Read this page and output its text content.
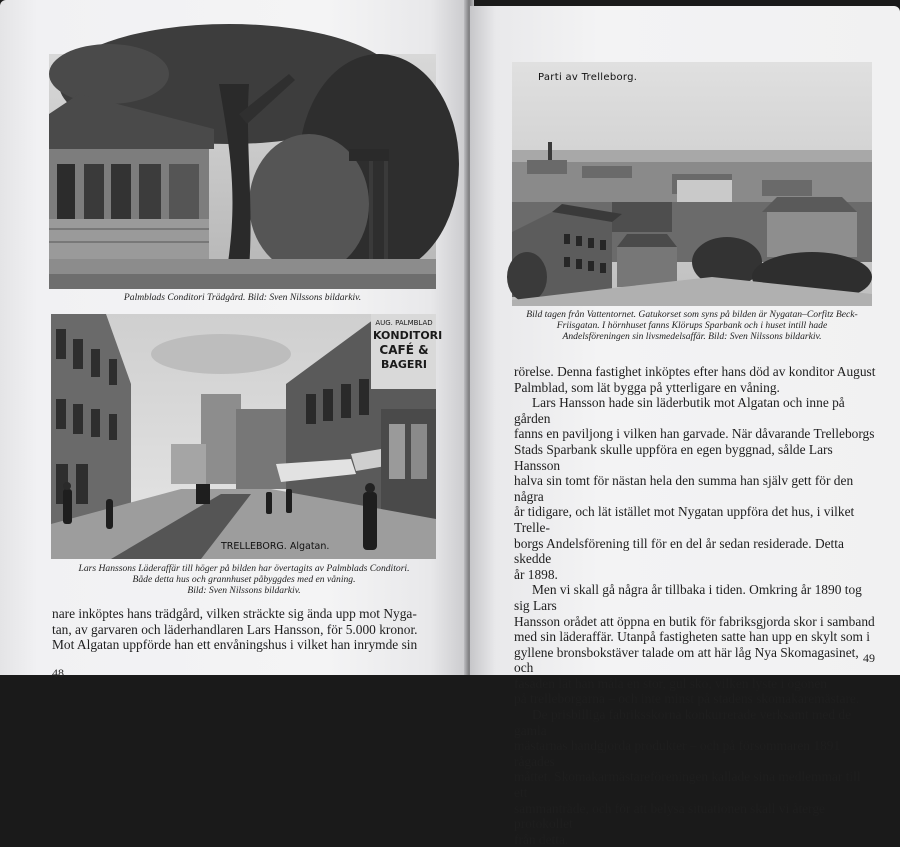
Palmblads Conditori Trädgård. Bild: Sven Nilssons bildarkiv.
AUG. PALMBLAD
KONDITORI
CAFÉ &
BAGERI
TRELLEBORG. Algatan.
Lars Hanssons Läderaffär till höger på bilden har övertagits av Palmblads Conditori.
Både detta hus och grannhuset påbyggdes med en våning.
Bild: Sven Nilssons bildarkiv.

nare inköptes hans trädgård, vilken sträckte sig ända upp mot Nyga-

tan, av garvaren och läderhandlaren Lars Hansson, för 5.000 kronor.

Mot Algatan uppförde han ett envåningshus i vilket han inrymde sin

48
Parti av Trelleborg.
Bild tagen från Vattentornet. Gatukorset som syns på bilden är Nygatan–Corfitz Beck-
Friisgatan. I hörnhuset fanns Klörups Sparbank och i huset intill hade
Andelsföreningen sin livsmedelsaffär. Bild: Sven Nilssons bildarkiv.

rörelse. Denna fastighet inköptes efter hans död av konditor August

Palmblad, som lät bygga på ytterligare en våning.

Lars Hansson hade sin läderbutik mot Algatan och inne på gården

fanns en paviljong i vilken han garvade. När dåvarande Trelleborgs

Stads Sparbank skulle uppföra en egen byggnad, sålde Lars Hansson

halva sin tomt för nästan hela den summa han själv gett för den några

år tidigare, och lät istället mot Nygatan uppföra det hus, i vilket Trelle-

borgs Andelsförening till för en del år sedan residerade. Detta skedde

år 1898.

Men vi skall gå några år tillbaka i tiden. Omkring år 1890 tog sig Lars

Hansson orådet att öppna en butik för fabriksgjorda skor i samband

med sin läderaffär. Utanpå fastigheten satte han upp en skylt som i

gyllene bronsbokstäver talade om att här låg Nya Skomagasinet, och

fasaden lät han måla en stor, gul sko, vilken lyste i ögonen

på trelleborgarna – och inte minst på stadens skomakaremästare.

De prisbilliga fabriksskorna konkurrerade verksamt med de gamla

mästarnas handgjorda produkter – och på försommaren 1891 rågades

måttet. Skomakarmästareföreningen kallade sina medlemmar till ett

sammanträde, och för att belysa situationen skall vi återge protokollet

från detta.

49
